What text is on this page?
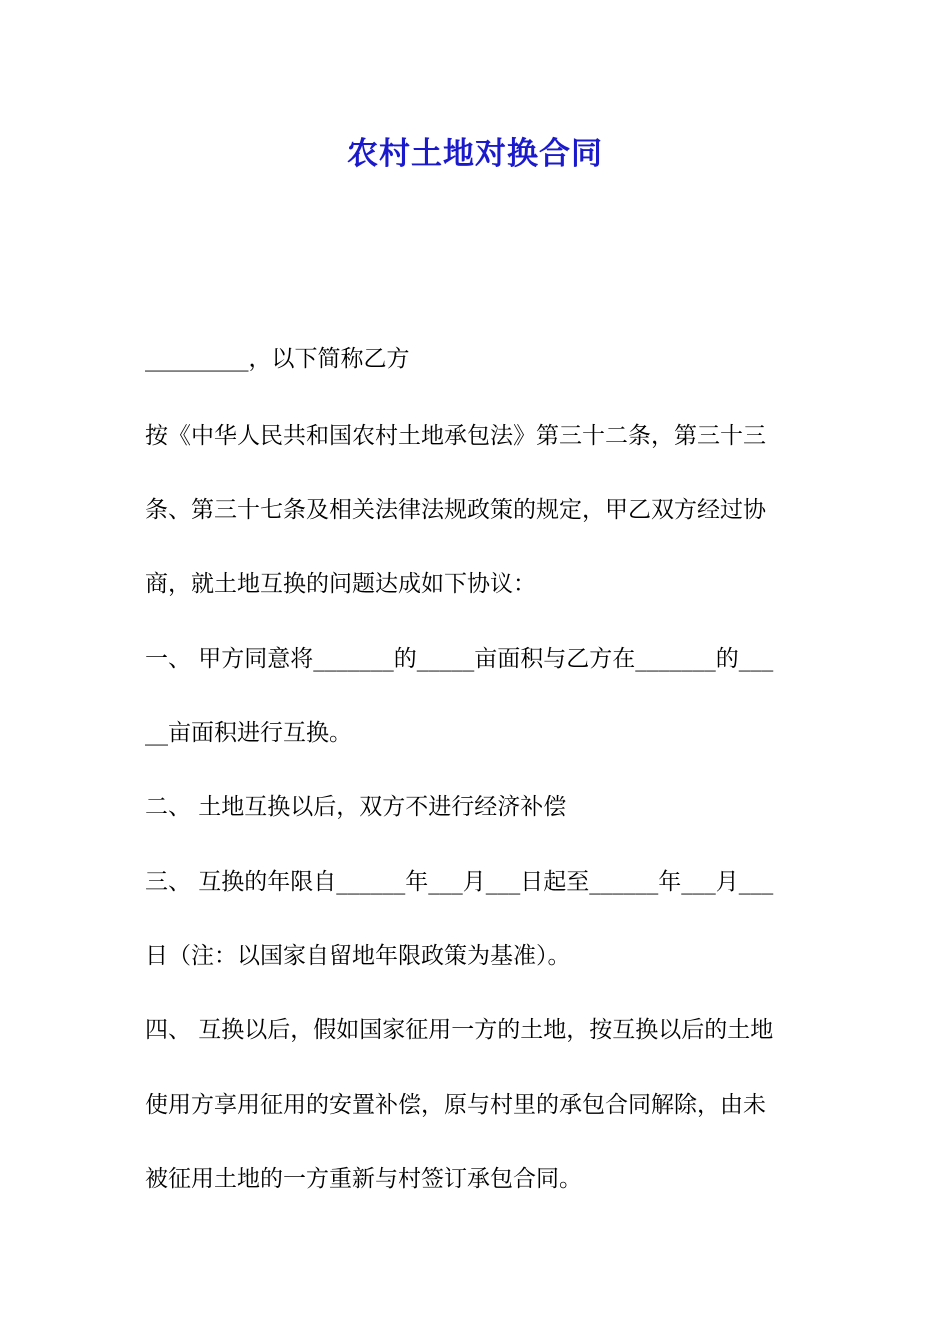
农村土地对换合同

_________，以下简称乙方

按《中华人民共和国农村土地承包法》第三十二条，第三十三

条、第三十七条及相关法律法规政策的规定，甲乙双方经过协

商，就土地互换的问题达成如下协议：

一、 甲方同意将_______的_____亩面积与乙方在_______的___

__亩面积进行互换。

二、 土地互换以后，双方不进行经济补偿

三、 互换的年限自______年___月___日起至______年___月___

日（注：以国家自留地年限政策为基准）。

四、 互换以后，假如国家征用一方的土地，按互换以后的土地

使用方享用征用的安置补偿，原与村里的承包合同解除，由未

被征用土地的一方重新与村签订承包合同。
